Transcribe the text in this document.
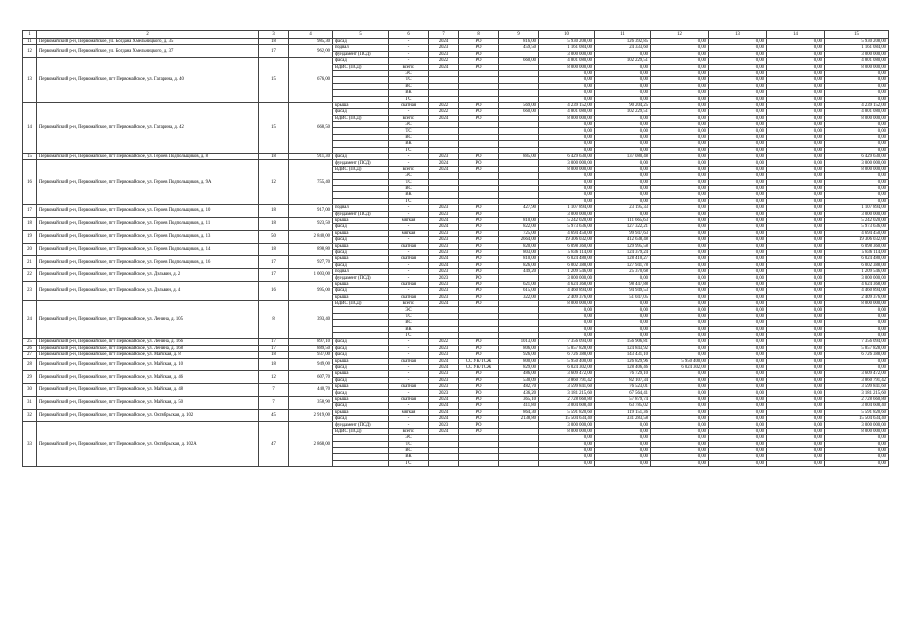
1	2	3	4	5	6	7	8	9	10	11	12	13	14	15
11	Первомайский р-н, Первомайское, ул. Богдана Хмельницкого, д. 35	18	985,30	фасад	-	2024	РО	816,00	5 930 208,00	126 392,85	0,00	0,00	0,00	5 930 208,00
12	Первомайский р-н, Первомайское, ул. Богдана Хмельницкого, д. 37	17	962,00	подвал	-	2023	РО	459,50	1 161 084,00	24 333,60	0,00	0,00	0,00	1 161 084,00
				фундамент (ПСД)	-	2023	РО		3 000 000,00	0,00	0,00	0,00	0,00	3 000 000,00
13	Первомайский р-н, Первомайское, пгт Первомайское, ул. Гагарина, д. 40	15	676,00	фасад	-	2022	РО	660,00	4 801 080,00	102 229,51	0,00	0,00	0,00	4 801 080,00
				ВДИС (ПСД)	всего:	2024	РО		8 000 000,00	0,00	0,00	0,00	0,00	8 000 000,00
					ЭС				0,00	0,00	0,00	0,00	0,00	0,00
					ТС				0,00	0,00	0,00	0,00	0,00	0,00
					ВС				0,00	0,00	0,00	0,00	0,00	0,00
					ВК				0,00	0,00	0,00	0,00	0,00	0,00
					ГС				0,00	0,00	0,00	0,00	0,00	0,00
14	Первомайский р-н, Первомайское, пгт Первомайское, ул. Гагарина, д. 42	15	668,50	крыша	скатная	2022	РО	569,00	4 239 152,00	90 204,25	0,00	0,00	0,00	4 239 152,00
				фасад	-	2022	РО	660,00	4 801 080,00	102 229,51	0,00	0,00	0,00	4 801 080,00
				ВДИС (ПСД)	всего:	2024	РО		8 000 000,00	0,00	0,00	0,00	0,00	8 000 000,00
					ЭС				0,00	0,00	0,00	0,00	0,00	0,00
					ТС				0,00	0,00	0,00	0,00	0,00	0,00
					ВС				0,00	0,00	0,00	0,00	0,00	0,00
					ВК				0,00	0,00	0,00	0,00	0,00	0,00
					ГС				0,00	0,00	0,00	0,00	0,00	0,00
15	Первомайский р-н, Первомайское, пгт Первомайское, ул. Героев Подпольщиков, д. 8	18	911,30	фасад	-	2023	РО	885,00	6 429 630,00	137 080,48	0,00	0,00	0,00	6 429 630,00
16	Первомайский р-н, Первомайское, пгт Первомайское, ул. Героев Подпольщиков, д. 9А	12	755,40	фундамент (ПСД)	-	2024	РО		3 000 000,00	0,00	0,00	0,00	0,00	3 000 000,00
				ВДИС (ПСД)	всего:	2024	РО		8 000 000,00	0,00	0,00	0,00	0,00	8 000 000,00
					ЭС				0,00	0,00	0,00	0,00	0,00	0,00
					ТС				0,00	0,00	0,00	0,00	0,00	0,00
					ВС				0,00	0,00	0,00	0,00	0,00	0,00
					ВК				0,00	0,00	0,00	0,00	0,00	0,00
					ГС				0,00	0,00	0,00	0,00	0,00	0,00
17	Первомайский р-н, Первомайское, пгт Первомайское, ул. Героев Подпольщиков, д. 10	18	917,00	подвал	-	2023	РО	427,90	1 107 894,00	23 195,33	0,00	0,00	0,00	1 107 894,00
				фундамент (ПСД)	-	2023	РО		3 000 000,00	0,00	0,00	0,00	0,00	3 000 000,00
18	Первомайский р-н, Первомайское, пгт Первомайское, ул. Героев Подпольщиков, д. 11	18	923,50	крыша	мягкая	2024	РО	810,00	5 242 020,00	111 665,63	0,00	0,00	0,00	5 242 020,00
				фасад	-	2024	РО	822,00	5 973 636,00	127 322,21	0,00	0,00	0,00	5 973 636,00
19	Первомайский р-н, Первомайское, пгт Первомайское, ул. Героев Подпольщиков, д. 13	50	2 840,00	крыша	мягкая	2023	РО	725,00	4 694 450,00	99 947,63	0,00	0,00	0,00	4 694 450,00
				фасад	-	2023	РО	2664,00	19 306 032,00	412 638,48	0,00	0,00	0,00	19 306 032,00
20	Первомайский р-н, Первомайское, пгт Первомайское, ул. Героев Подпольщиков, д. 14	18	898,80	крыша	скатная	2023	РО	820,00	6 098 360,00	129 995,58	0,00	0,00	0,00	6 098 360,00
				фасад	-	2023	РО	803,00	5 836 114,00	124 379,24	0,00	0,00	0,00	5 836 114,00
21	Первомайский р-н, Первомайское, пгт Первомайское, ул. Героев Подпольщиков, д. 16	17	927,70	крыша	скатная	2024	РО	810,00	6 024 480,00	128 410,27	0,00	0,00	0,00	6 024 480,00
				фасад	-	2024	РО	826,00	6 002 388,00	127 941,78	0,00	0,00	0,00	6 002 388,00
22	Первомайский р-н, Первомайское, пгт Первомайское, ул. Дзльвин, д. 2	17	1 003,00	подвал	-	2023	РО	449,20	1 209 546,00	25 370,68	0,00	0,00	0,00	1 209 546,00
				фундамент (ПСД)	-	2023	РО		3 000 000,00	0,00	0,00	0,00	0,00	3 000 000,00
23	Первомайский р-н, Первомайское, пгт Первомайское, ул. Дзльвин, д. 4	16	995,00	крыша	скатная	2023	РО	621,00	4 624 368,00	98 447,88	0,00	0,00	0,00	4 624 368,00
				фасад	-	2023	РО	615,00	4 460 894,00	94 949,53	0,00	0,00	0,00	4 460 894,00
				крыша	скатная	2023	РО	322,00	2 409 376,00	51 047,05	0,00	0,00	0,00	2 409 376,00
24	Первомайский р-н, Первомайское, пгт Первомайское, ул. Ленина, д. 105	8	393,40	ВДИС (ПСД)	всего:	2024	РО		8 000 000,00	0,00	0,00	0,00	0,00	8 000 000,00
					ЭС				0,00	0,00	0,00	0,00	0,00	0,00
					ТС				0,00	0,00	0,00	0,00	0,00	0,00
					ВС				0,00	0,00	0,00	0,00	0,00	0,00
					ВК				0,00	0,00	0,00	0,00	0,00	0,00
					ГС				0,00	0,00	0,00	0,00	0,00	0,00
25	Первомайский р-н, Первомайское, пгт Первомайское, ул. Ленина, д. 166	17	897,10	фасад	-	2022	РО	1013,00	7 356 094,00	156 906,81	0,00	0,00	0,00	7 356 094,00
26	Первомайский р-н, Первомайское, пгт Первомайское, ул. Ленина, д. 168	17	889,50	фасад	-	2023	РО	806,00	5 857 828,00	124 843,92	0,00	0,00	0,00	5 857 828,00
27	Первомайский р-н, Первомайское, пгт Первомайское, ул. Майская, д. 8	18	937,00	фасад	-	2023	РО	926,00	6 726 388,00	143 431,10	0,00	0,00	0,00	6 726 388,00
28	Первомайский р-н, Первомайское, пгт Первомайское, ул. Майская, д. 10	18	949,00	крыша	скатная	2024	СС УК/ТСЖ	800,00	5 950 400,00	126 829,96	5 950 400,00	0,00	0,00	0,00
				фасад	-	2024	СС УК/ТСЖ	829,00	6 024 302,00	128 406,46	6 024 302,00	0,00	0,00	0,00
29	Первомайский р-н, Первомайское, пгт Первомайское, ул. Майская, д. 46	12	607,70	крыша	-	2023	РО	486,00	3 609 472,00	76 729,10	0,00	0,00	0,00	3 609 472,00
				фасад	-	2023	РО	530,09	3 860 791,42	82 107,34	0,00	0,00	0,00	3 860 791,42
30	Первомайский р-н, Первомайское, пгт Первомайское, ул. Майская, д. 48	7	440,70	крыша	скатная	2023	РО	482,70	3 599 841,60	76 523,01	0,00	0,00	0,00	3 599 841,60
				фасад	-	2023	РО	436,20	3 181 215,60	67 564,41	0,00	0,00	0,00	3 181 215,60
31	Первомайский р-н, Первомайское, пгт Первомайское, ул. Майская, д. 50	7	358,90	крыша	скатная	2024	РО	365,10	2 728 660,80	57 879,74	0,00	0,00	0,00	2 728 660,80
				фасад	-	2024	РО	411,80	3 004 608,40	63 785,02	0,00	0,00	0,00	3 004 608,40
32	Первомайский р-н, Первомайское, пгт Первомайское, ул. Октябрьская, д. 102	45	2 919,00	крыша	мягкая	2024	РО	864,30	5 591 820,60	119 151,36	0,00	0,00	0,00	5 591 820,60
				фасад	-	2024	РО	2138,80	15 504 634,40	331 283,58	0,00	0,00	0,00	15 504 634,40
33	Первомайский р-н, Первомайское, пгт Первомайское, ул. Октябрьская, д. 102А	47	2 868,00	фундамент (ПСД)	-	2023	РО		3 000 000,00	0,00	0,00	0,00	0,00	3 000 000,00
				ВДИС (ПСД)	всего:	2024	РО		8 000 000,00	0,00	0,00	0,00	0,00	8 000 000,00
					ЭС				0,00	0,00	0,00	0,00	0,00	0,00
					ТС				0,00	0,00	0,00	0,00	0,00	0,00
					ВС				0,00	0,00	0,00	0,00	0,00	0,00
					ВК				0,00	0,00	0,00	0,00	0,00	0,00
					ГС				0,00	0,00	0,00	0,00	0,00	0,00
